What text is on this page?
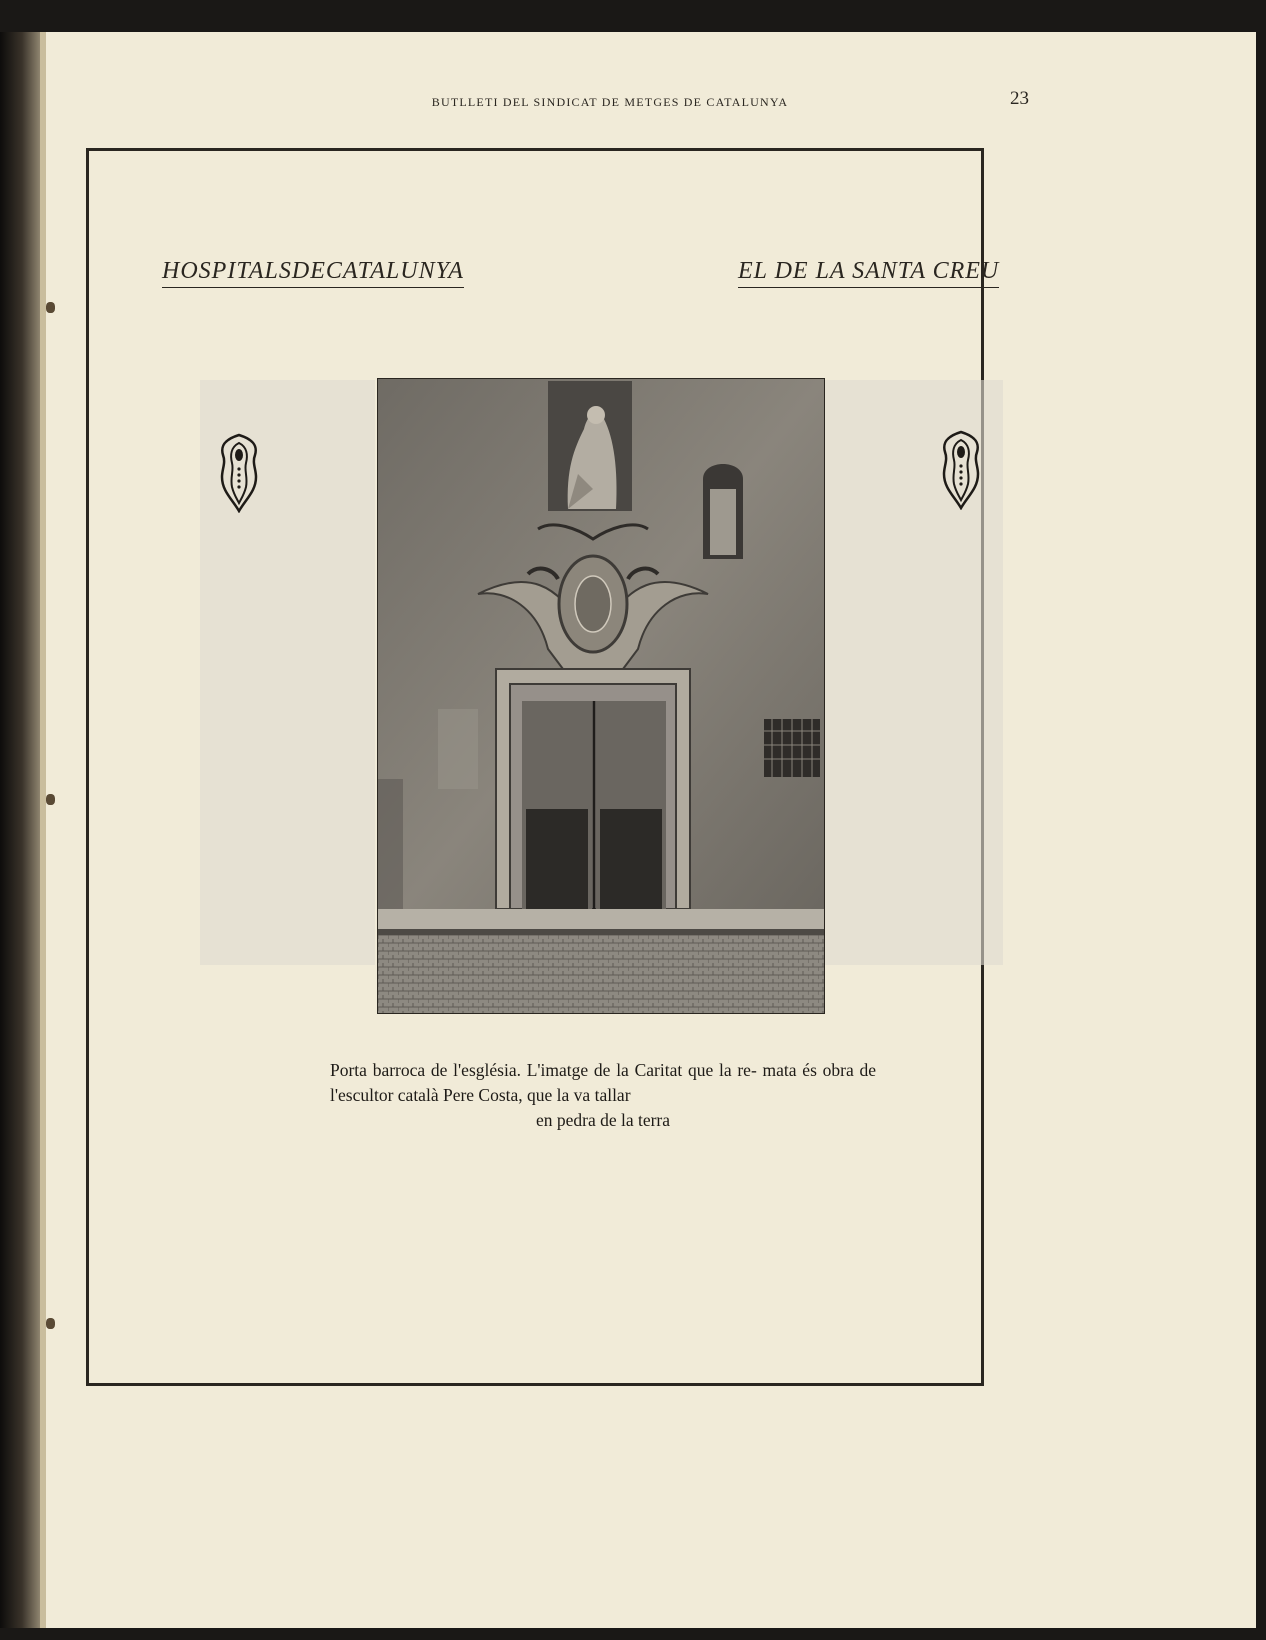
BUTLLETI DEL SINDICAT DE METGES DE CATALUNYA	23
HOSPITALSDECATALUNYA	EL DE LA SANTA CREU
Porta barroca de l'església. L'imatge de la Caritat que la re- mata és obra de l'escultor català Pere Costa, que la va tallar
en pedra de la terra
